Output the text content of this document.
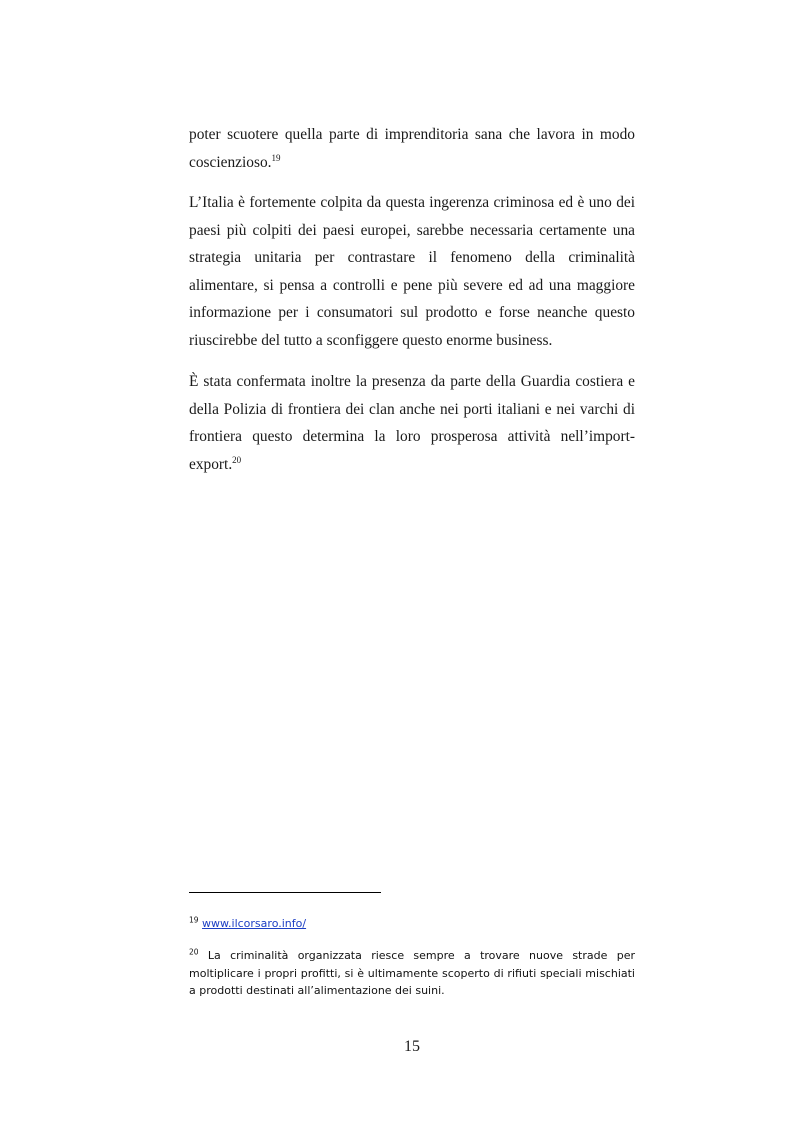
poter scuotere quella parte di imprenditoria sana che lavora in modo coscienzioso.$^{19}$

L’Italia è fortemente colpita da questa ingerenza criminosa ed è uno dei paesi più colpiti dei paesi europei, sarebbe necessaria certamente una strategia unitaria per contrastare il fenomeno della criminalità alimentare, si pensa a controlli e pene più severe ed ad una maggiore informazione per i consumatori sul prodotto e forse neanche questo riuscirebbe del tutto a sconfiggere questo enorme business.

È stata confermata inoltre la presenza da parte della Guardia costiera e della Polizia di frontiera dei clan anche nei porti italiani e nei varchi di frontiera questo determina la loro prosperosa attività nell’import-export.$^{20}$

$^{19}$ www.ilcorsaro.info/

$^{20}$ La criminalità organizzata riesce sempre a trovare nuove strade per moltiplicare i propri profitti, si è ultimamente scoperto di rifiuti speciali mischiati a prodotti destinati all’alimentazione dei suini.

15
